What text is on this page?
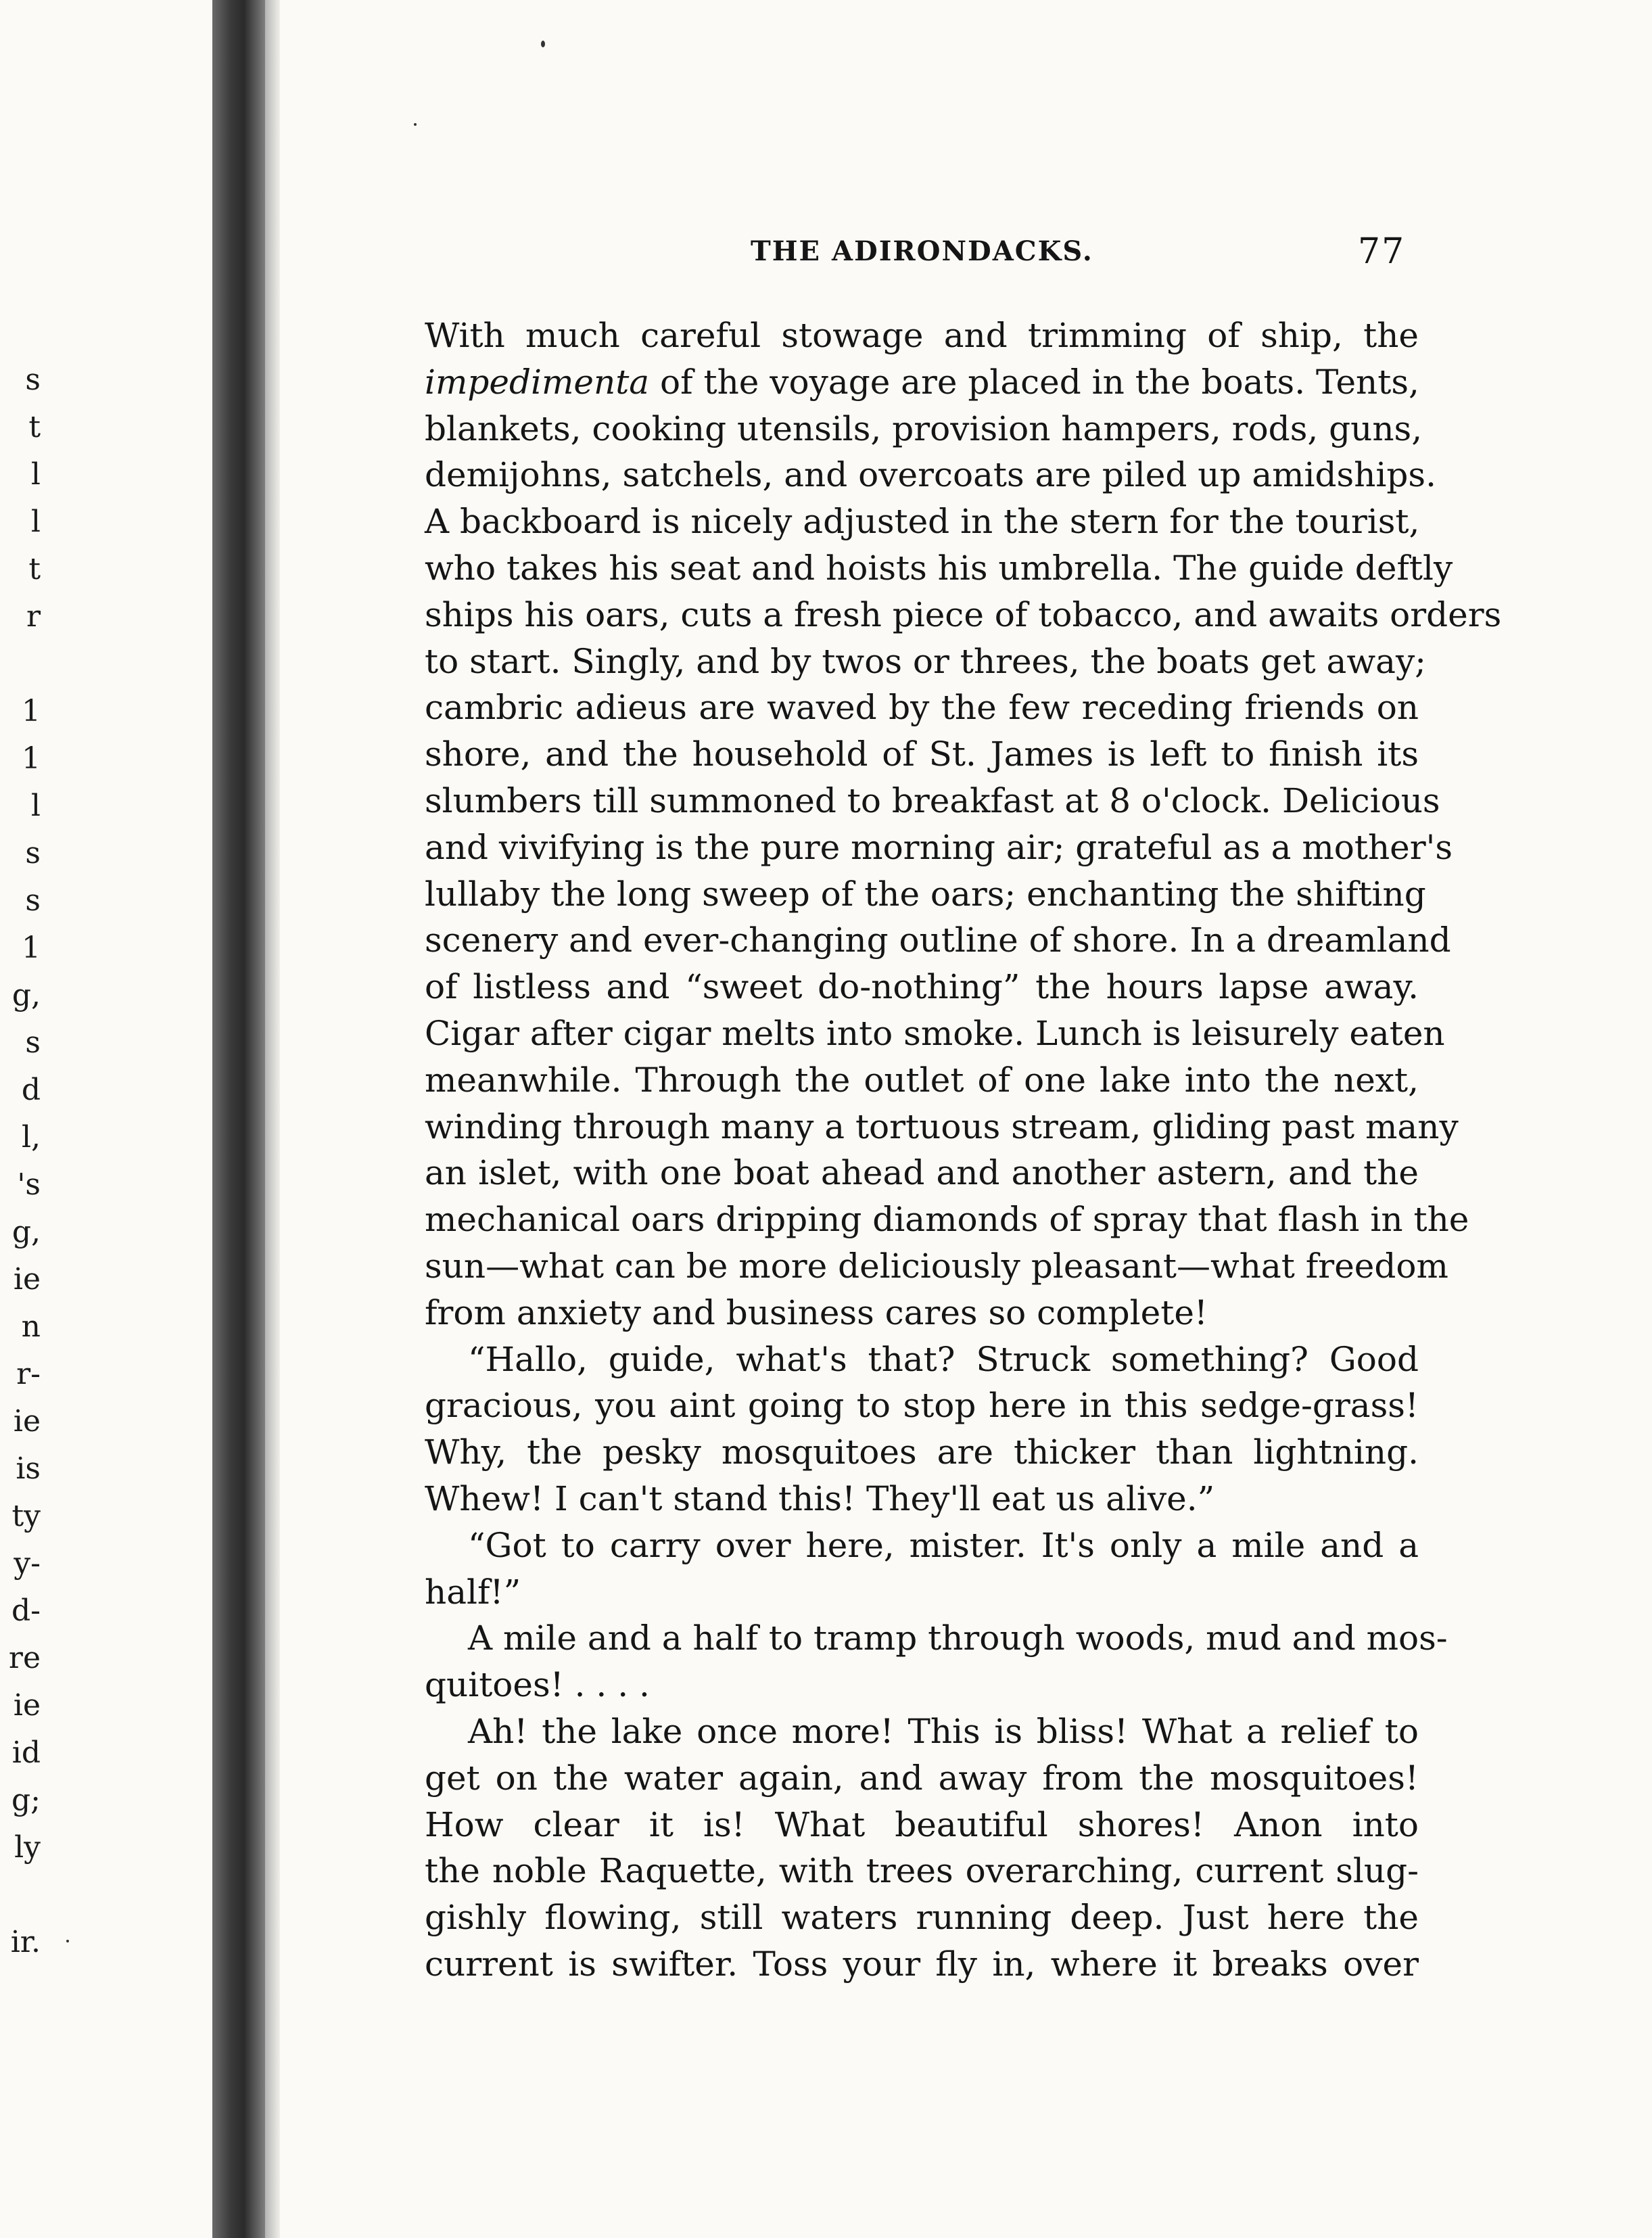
s
t
l
l
t
r
1
1
l
s
s
1
g,
s
d
l,
's
g,
ie
n
r-
ie
is
ty
y-
d-
re
ie
id
g;
ly
ir.
THE ADIRONDACKS.	77
With much careful stowage and trimming of ship, the
impedimenta of the voyage are placed in the boats. Tents,
blankets, cooking utensils, provision hampers, rods, guns,
demijohns, satchels, and overcoats are piled up amidships.
A backboard is nicely adjusted in the stern for the tourist,
who takes his seat and hoists his umbrella. The guide deftly
ships his oars, cuts a fresh piece of tobacco, and awaits orders
to start. Singly, and by twos or threes, the boats get away;
cambric adieus are waved by the few receding friends on
shore, and the household of St. James is left to finish its
slumbers till summoned to breakfast at 8 o'clock. Delicious
and vivifying is the pure morning air; grateful as a mother's
lullaby the long sweep of the oars; enchanting the shifting
scenery and ever-changing outline of shore. In a dreamland
of listless and “sweet do-nothing” the hours lapse away.
Cigar after cigar melts into smoke. Lunch is leisurely eaten
meanwhile. Through the outlet of one lake into the next,
winding through many a tortuous stream, gliding past many
an islet, with one boat ahead and another astern, and the
mechanical oars dripping diamonds of spray that flash in the
sun—what can be more deliciously pleasant—what freedom
from anxiety and business cares so complete!
“Hallo, guide, what's that? Struck something? Good
gracious, you aint going to stop here in this sedge-grass!
Why, the pesky mosquitoes are thicker than lightning.
Whew! I can't stand this! They'll eat us alive.”
“Got to carry over here, mister. It's only a mile and a
half!”
A mile and a half to tramp through woods, mud and mos-
quitoes! . . . .
Ah! the lake once more! This is bliss! What a relief to
get on the water again, and away from the mosquitoes!
How clear it is! What beautiful shores! Anon into
the noble Raquette, with trees overarching, current slug-
gishly flowing, still waters running deep. Just here the
current is swifter. Toss your fly in, where it breaks over
